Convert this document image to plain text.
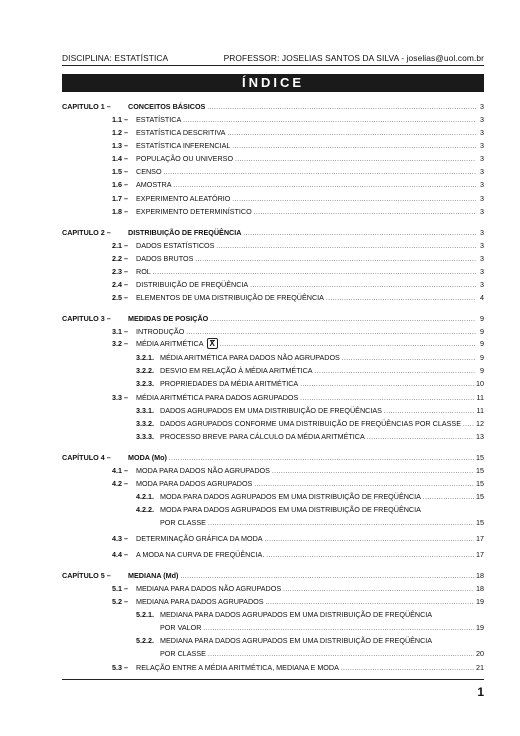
DISCIPLINA: ESTATÍSTICA	PROFESSOR: JOSELIAS SANTOS DA SILVA - joselias@uol.com.br
ÍNDICE
CAPITULO 1 –	CONCEITOS BÁSICOS .....	3
1.1 –	ESTATÍSTICA .....	3
1.2 –	ESTATÍSTICA DESCRITIVA .....	3
1.3 –	ESTATÍSTICA INFERENCIAL .....	3
1.4 –	POPULAÇÃO OU UNIVERSO .....	3
1.5 –	CENSO .....	3
1.6 –	AMOSTRA .....	3
1.7 –	EXPERIMENTO ALEATÓRIO .....	3
1.8 –	EXPERIMENTO DETERMINÍSTICO .....	3
CAPITULO 2 –	DISTRIBUIÇÃO DE FREQÜÊNCIA .....	3
2.1 –	DADOS ESTATÍSTICOS .....	3
2.2 –	DADOS BRUTOS .....	3
2.3 –	ROL .....	3
2.4 –	DISTRIBUIÇÃO DE FREQÜÊNCIA .....	3
2.5 –	ELEMENTOS DE UMA DISTRIBUIÇÃO DE FREQÜÊNCIA .....	4
CAPITULO 3 –	MEDIDAS DE POSIÇÃO .....	9
3.1 –	INTRODUÇÃO .....	9
3.2 –	MÉDIA ARITMÉTICA X .....	9
3.2.1. MÉDIA ARITMÉTICA PARA DADOS NÃO AGRUPADOS .....	9
3.2.2. DESVIO EM RELAÇÃO À MÉDIA ARITMÉTICA .....	9
3.2.3. PROPRIEDADES DA MÉDIA ARITMÉTICA .....	10
3.3 –	MÉDIA ARITMÉTICA PARA DADOS AGRUPADOS .....	11
3.3.1. DADOS AGRUPADOS EM UMA DISTRIBUIÇÃO DE FREQÜÊNCIAS .....	11
3.3.2. DADOS AGRUPADOS CONFORME UMA DISTRIBUIÇÃO DE FREQÜÊNCIAS POR CLASSE ..... 12
3.3.3. PROCESSO BREVE PARA CÁLCULO DA MÉDIA ARITMÉTICA .....	13
CAPÍTULO 4 –	MODA (Mo) .....	15
4.1 –	MODA PARA DADOS NÃO AGRUPADOS .....	15
4.2 –	MODA PARA DADOS AGRUPADOS .....	15
4.2.1. MODA PARA DADOS AGRUPADOS EM UMA DISTRIBUIÇÃO DE FREQÜÊNCIA .....	15
4.2.2. MODA PARA DADOS AGRUPADOS EM UMA DISTRIBUIÇÃO DE FREQÜÊNCIA
POR CLASSE .....	15
4.3 –	DETERMINAÇÃO GRÁFICA DA MODA .....	17
4.4 –	A MODA NA CURVA DE FREQÜÊNCIA. .....	17
CAPÍTULO 5 –	MEDIANA (Md) .....	18
5.1 –	MEDIANA PARA DADOS NÃO AGRUPADOS .....	18
5.2 –	MEDIANA PARA DADOS AGRUPADOS .....	19
5.2.1. MEDIANA PARA DADOS AGRUPADOS EM UMA DISTRIBUIÇÃO DE FREQÜÊNCIA
POR VALOR .....	19
5.2.2. MEDIANA PARA DADOS AGRUPADOS EM UMA DISTRIBUIÇÃO DE FREQÜÊNCIA
POR CLASSE .....	20
5.3 –	RELAÇÃO ENTRE A MÉDIA ARITMÉTICA, MEDIANA E MODA .....	21
1
